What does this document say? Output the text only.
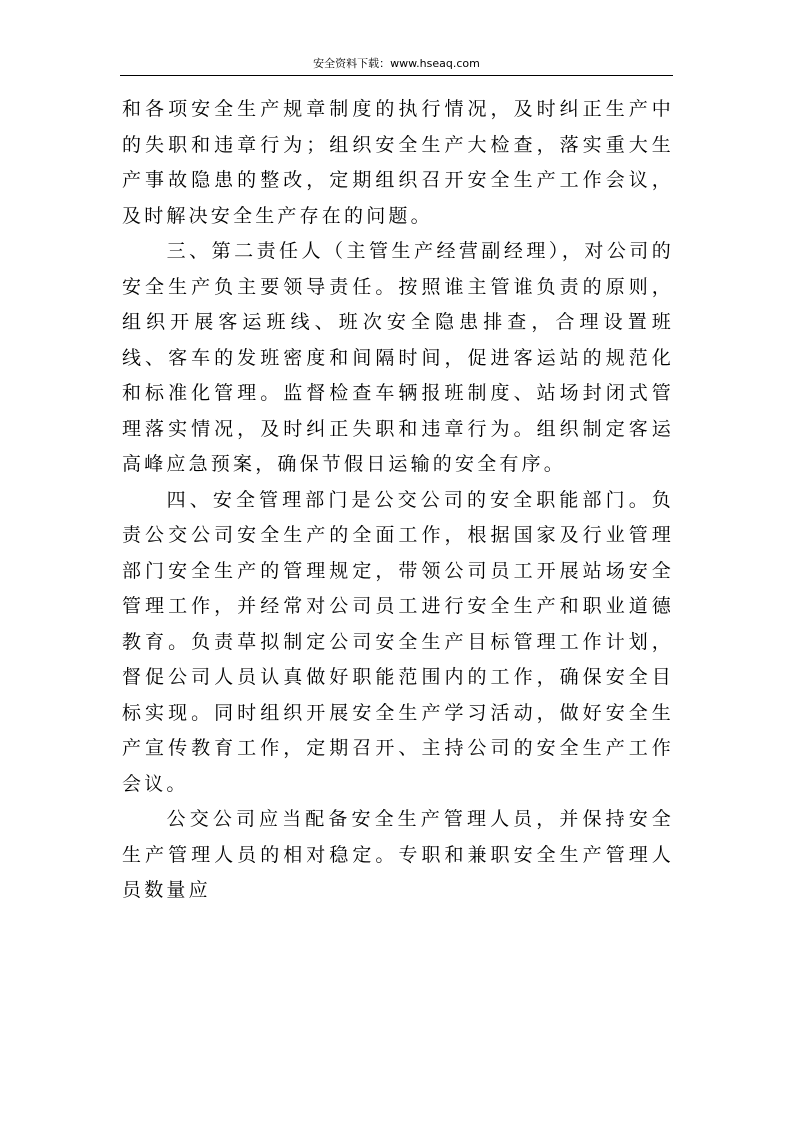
安全资料下载：www.hseaq.com

和各项安全生产规章制度的执行情况，及时纠正生产中的失职和违章行为；组织安全生产大检查，落实重大生产事故隐患的整改，定期组织召开安全生产工作会议，及时解决安全生产存在的问题。

三、第二责任人（主管生产经营副经理），对公司的安全生产负主要领导责任。按照谁主管谁负责的原则，组织开展客运班线、班次安全隐患排查，合理设置班线、客车的发班密度和间隔时间，促进客运站的规范化和标准化管理。监督检查车辆报班制度、站场封闭式管理落实情况，及时纠正失职和违章行为。组织制定客运高峰应急预案，确保节假日运输的安全有序。

四、安全管理部门是公交公司的安全职能部门。负责公交公司安全生产的全面工作，根据国家及行业管理部门安全生产的管理规定，带领公司员工开展站场安全管理工作，并经常对公司员工进行安全生产和职业道德教育。负责草拟制定公司安全生产目标管理工作计划，督促公司人员认真做好职能范围内的工作，确保安全目标实现。同时组织开展安全生产学习活动，做好安全生产宣传教育工作，定期召开、主持公司的安全生产工作会议。

公交公司应当配备安全生产管理人员，并保持安全生产管理人员的相对稳定。专职和兼职安全生产管理人员数量应
